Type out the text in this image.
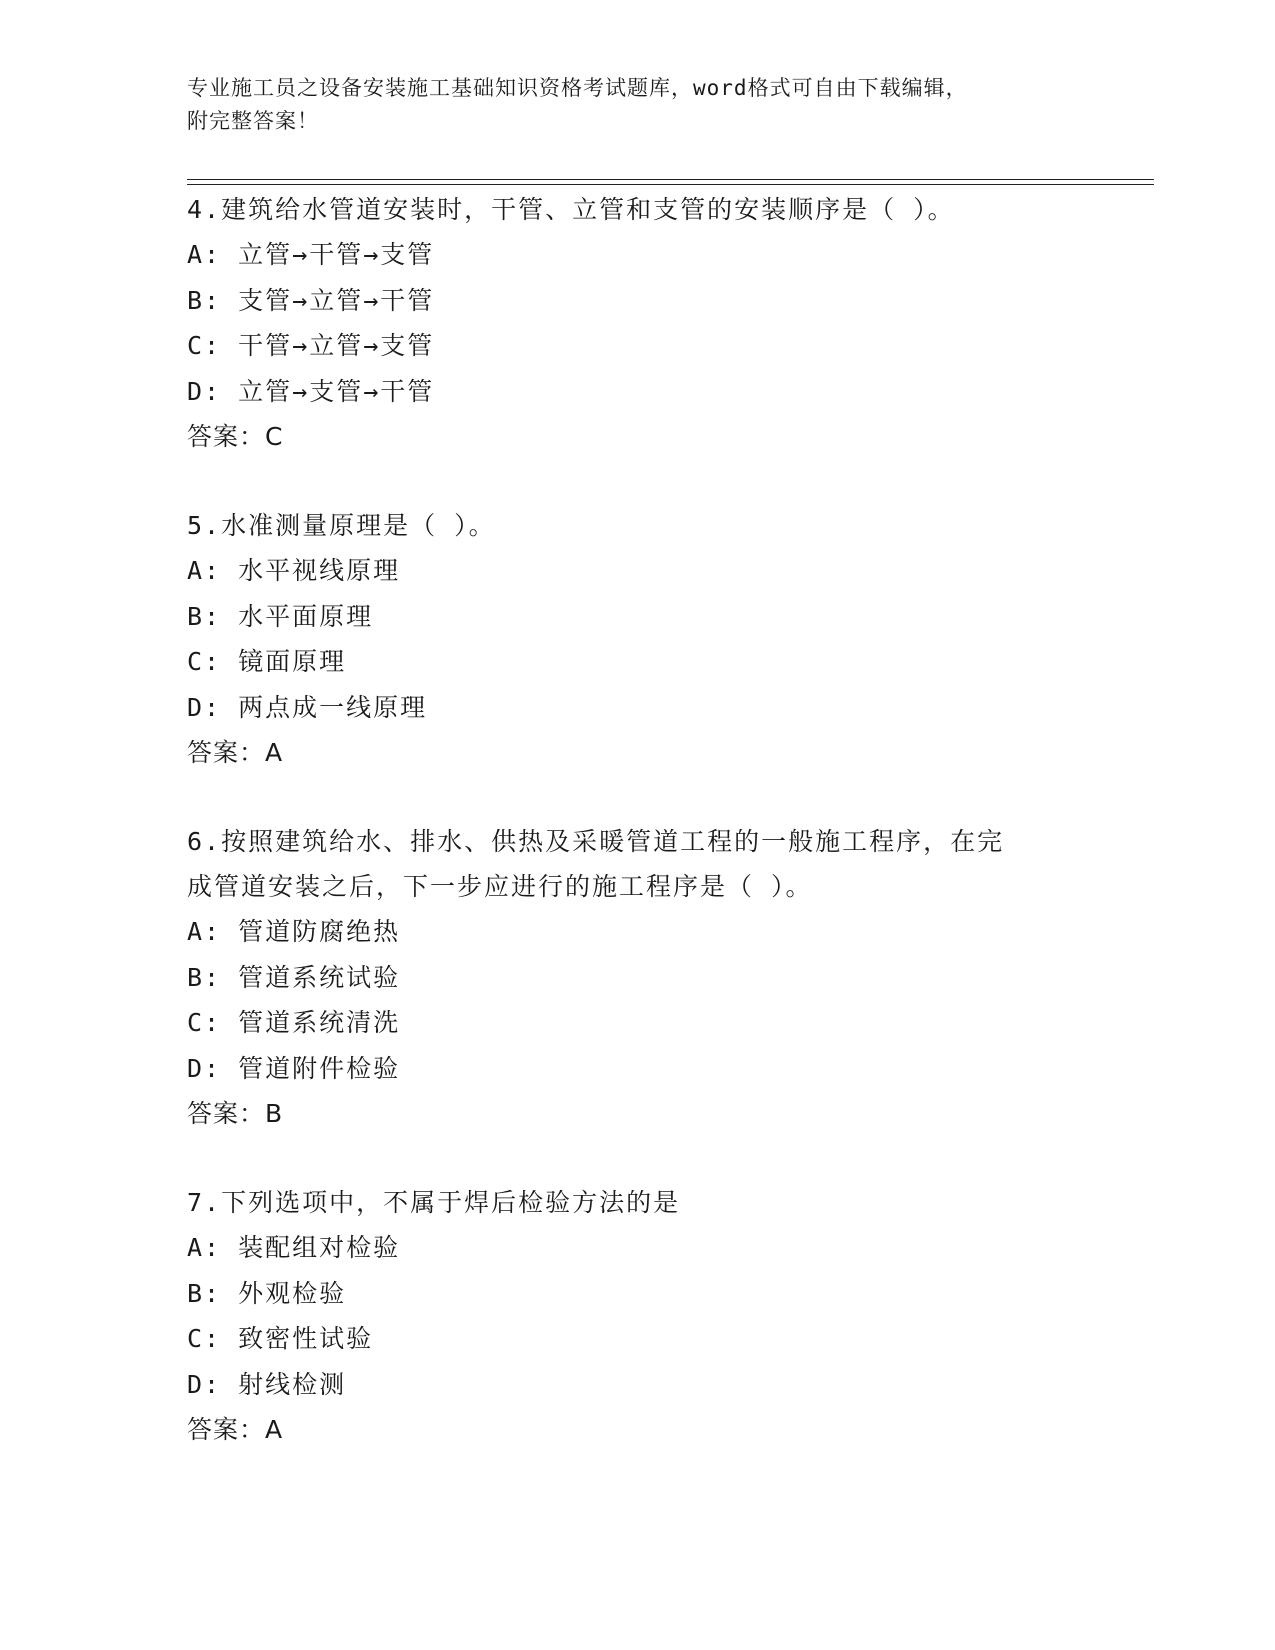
专业施工员之设备安装施工基础知识资格考试题库，word格式可自由下载编辑，
附完整答案！
4.建筑给水管道安装时，干管、立管和支管的安装顺序是（ ）。
A: 立管→干管→支管
B: 支管→立管→干管
C: 干管→立管→支管
D: 立管→支管→干管
答案：C
5.水准测量原理是（ ）。
A: 水平视线原理
B: 水平面原理
C: 镜面原理
D: 两点成一线原理
答案：A
6.按照建筑给水、排水、供热及采暖管道工程的一般施工程序，在完
成管道安装之后，下一步应进行的施工程序是（ ）。
A: 管道防腐绝热
B: 管道系统试验
C: 管道系统清洗
D: 管道附件检验
答案：B
7.下列选项中，不属于焊后检验方法的是
A: 装配组对检验
B: 外观检验
C: 致密性试验
D: 射线检测
答案：A
